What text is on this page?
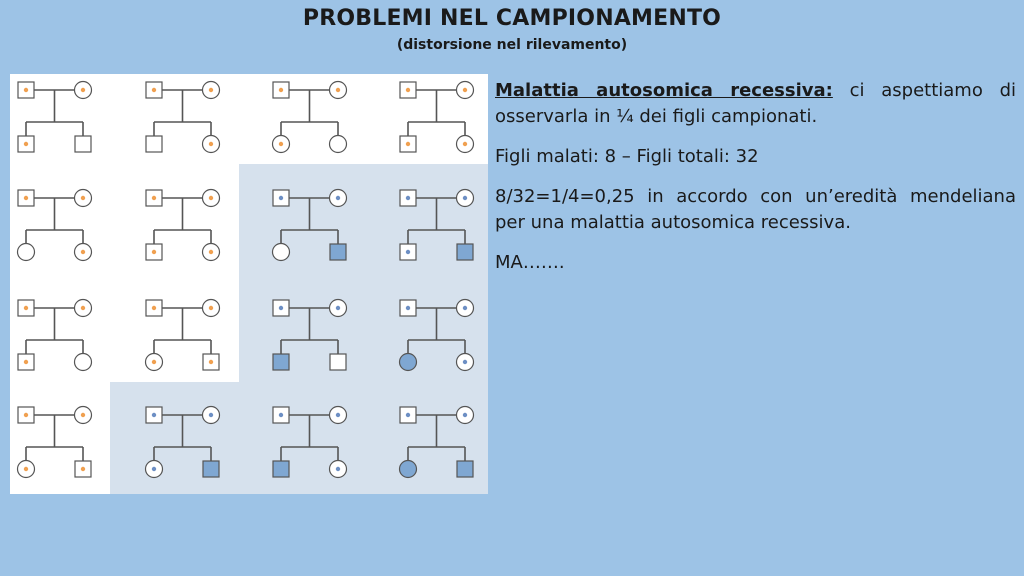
PROBLEMI NEL CAMPIONAMENTO
(distorsione nel rilevamento)

Malattia autosomica recessiva: ci aspettiamo di osservarla in ¼ dei figli campionati.

Figli malati: 8 – Figli totali: 32

8/32=1/4=0,25 in accordo con un’eredità mendeliana per una malattia autosomica recessiva.

MA…….
